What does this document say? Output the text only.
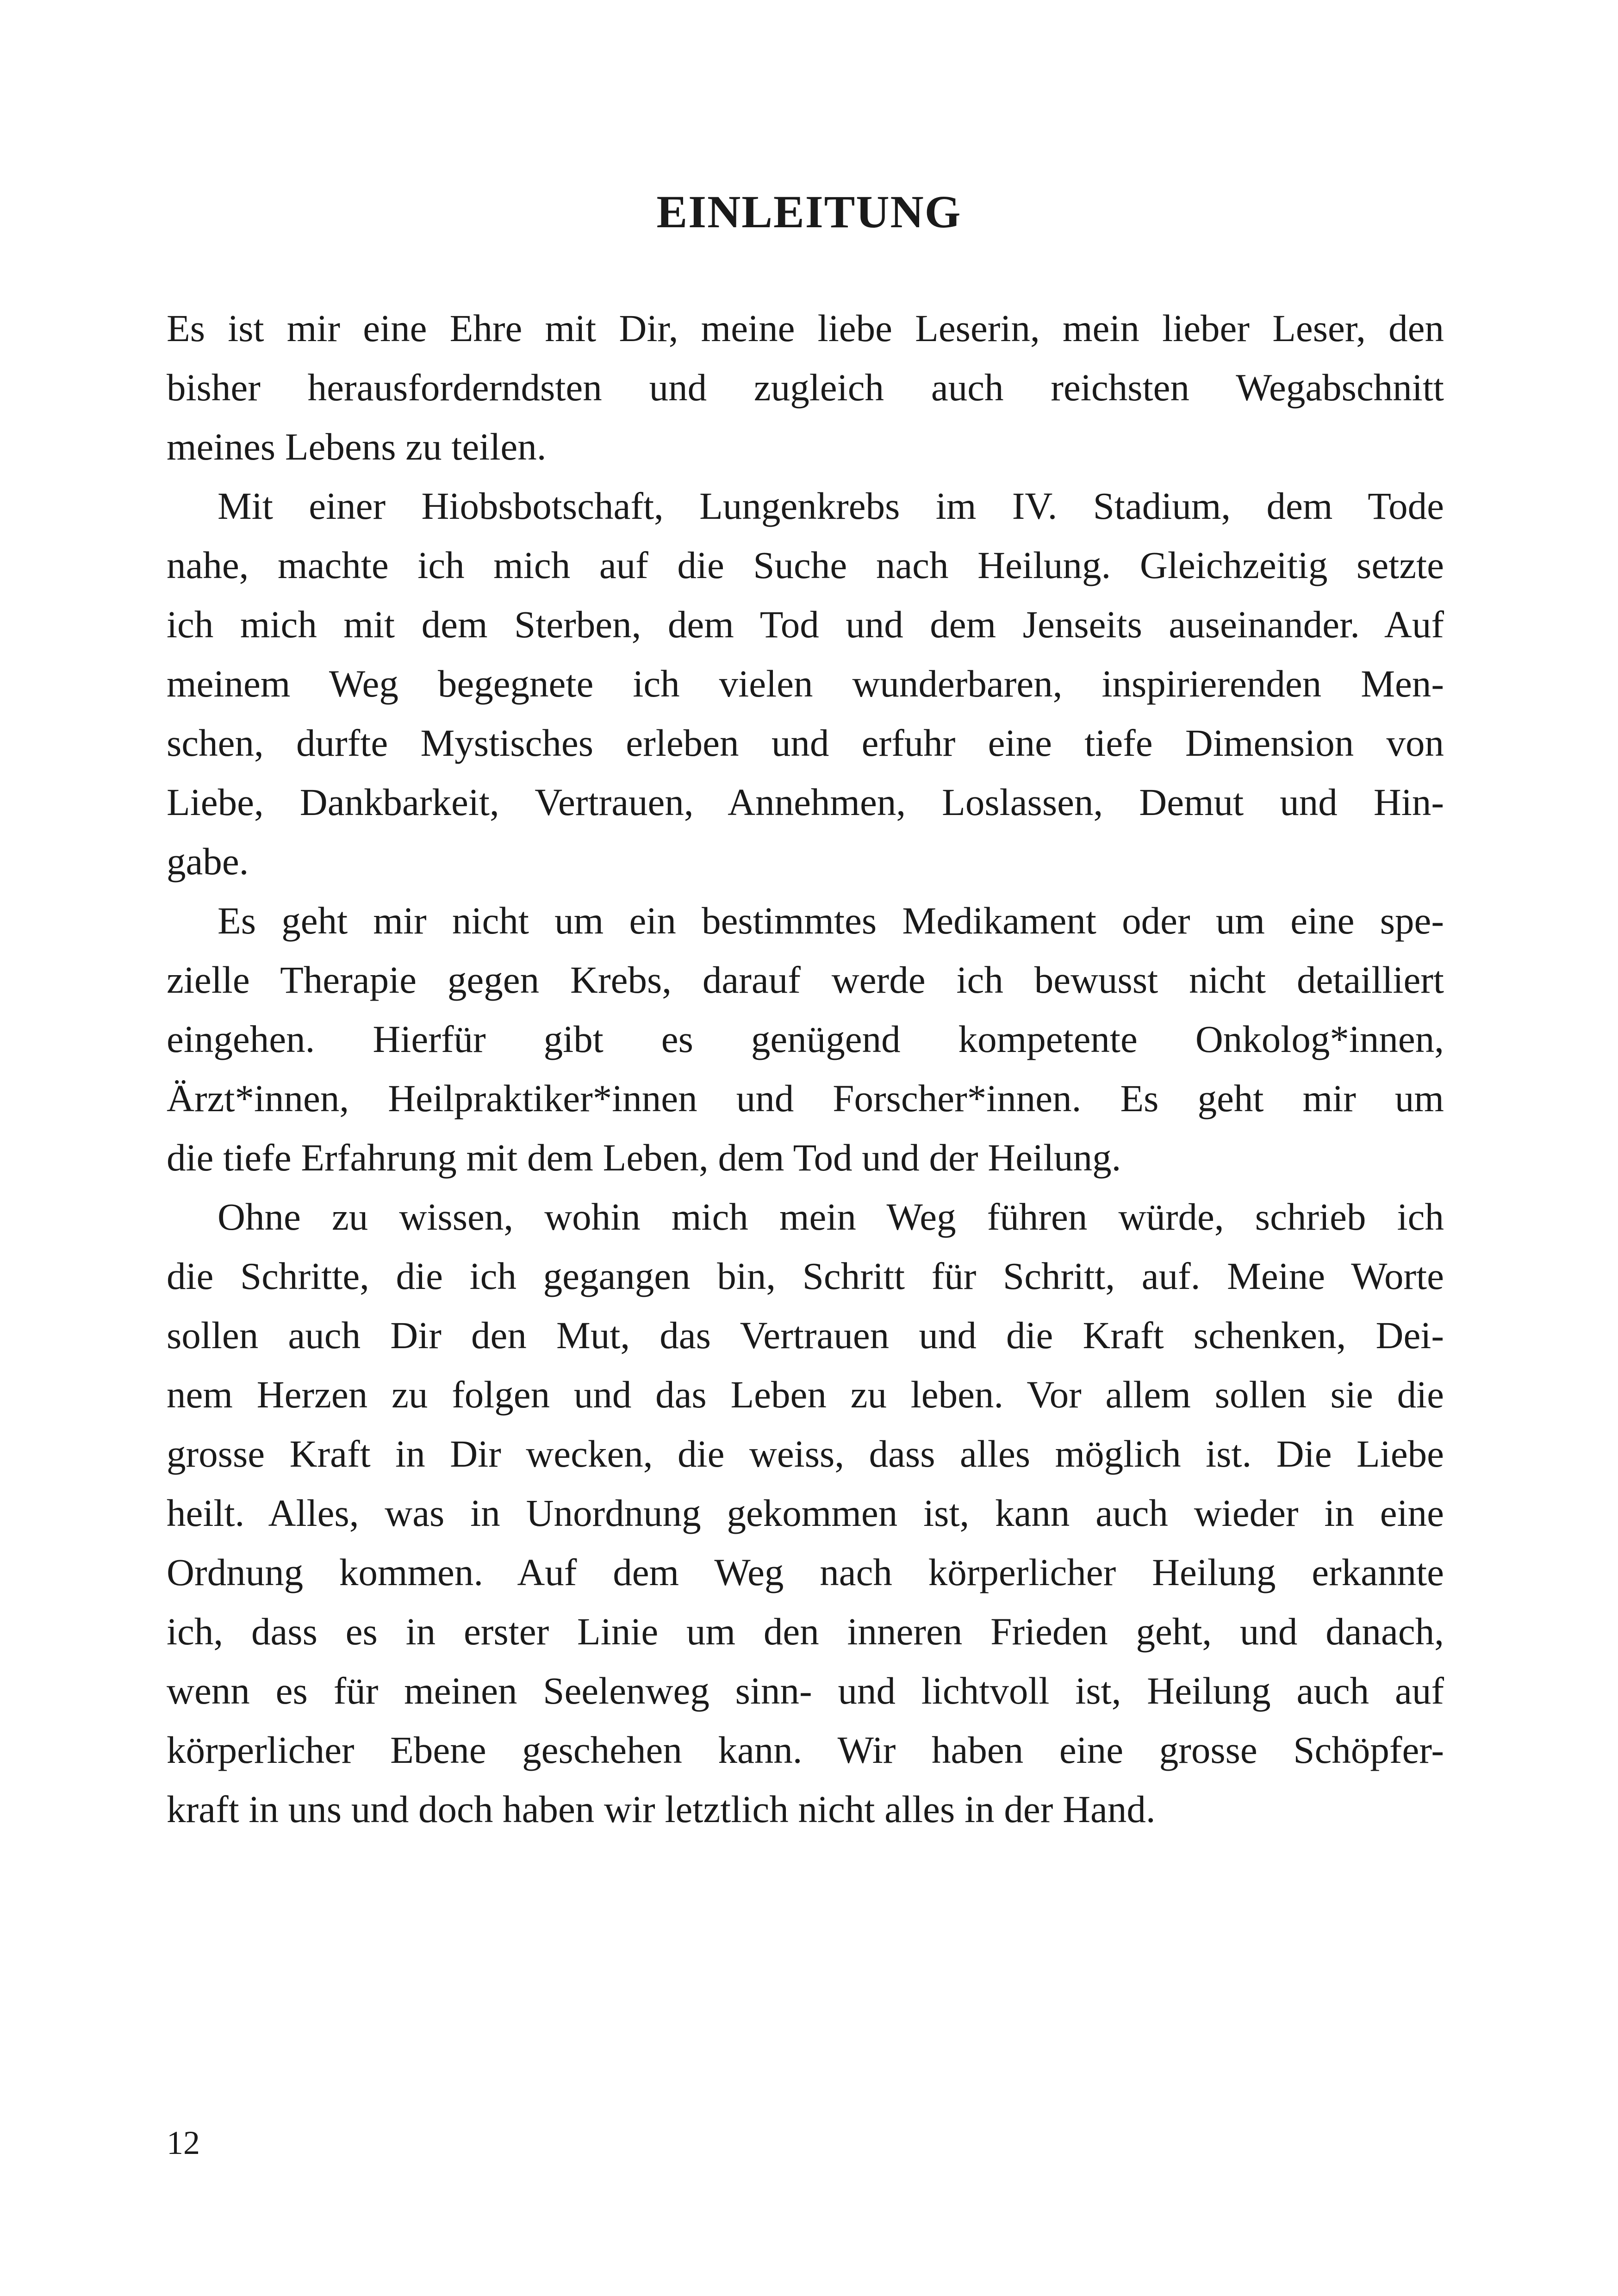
EINLEITUNG
Es ist mir eine Ehre mit Dir, meine liebe Leserin, mein lieber Leser, den
bisher herausforderndsten und zugleich auch reichsten Wegabschnitt
meines Lebens zu teilen.
Mit einer Hiobsbotschaft, Lungenkrebs im IV. Stadium, dem Tode
nahe, machte ich mich auf die Suche nach Heilung. Gleichzeitig setzte
ich mich mit dem Sterben, dem Tod und dem Jenseits auseinander. Auf
meinem Weg begegnete ich vielen wunderbaren, inspirierenden Men-
schen, durfte Mystisches erleben und erfuhr eine tiefe Dimension von
Liebe, Dankbarkeit, Vertrauen, Annehmen, Loslassen, Demut und Hin-
gabe.
Es geht mir nicht um ein bestimmtes Medikament oder um eine spe-
zielle Therapie gegen Krebs, darauf werde ich bewusst nicht detailliert
eingehen. Hierfür gibt es genügend kompetente Onkolog*innen,
Ärzt*innen, Heilpraktiker*innen und Forscher*innen. Es geht mir um
die tiefe Erfahrung mit dem Leben, dem Tod und der Heilung.
Ohne zu wissen, wohin mich mein Weg führen würde, schrieb ich
die Schritte, die ich gegangen bin, Schritt für Schritt, auf. Meine Worte
sollen auch Dir den Mut, das Vertrauen und die Kraft schenken, Dei-
nem Herzen zu folgen und das Leben zu leben. Vor allem sollen sie die
grosse Kraft in Dir wecken, die weiss, dass alles möglich ist. Die Liebe
heilt. Alles, was in Unordnung gekommen ist, kann auch wieder in eine
Ordnung kommen. Auf dem Weg nach körperlicher Heilung erkannte
ich, dass es in erster Linie um den inneren Frieden geht, und danach,
wenn es für meinen Seelenweg sinn- und lichtvoll ist, Heilung auch auf
körperlicher Ebene geschehen kann. Wir haben eine grosse Schöpfer-
kraft in uns und doch haben wir letztlich nicht alles in der Hand.
12
